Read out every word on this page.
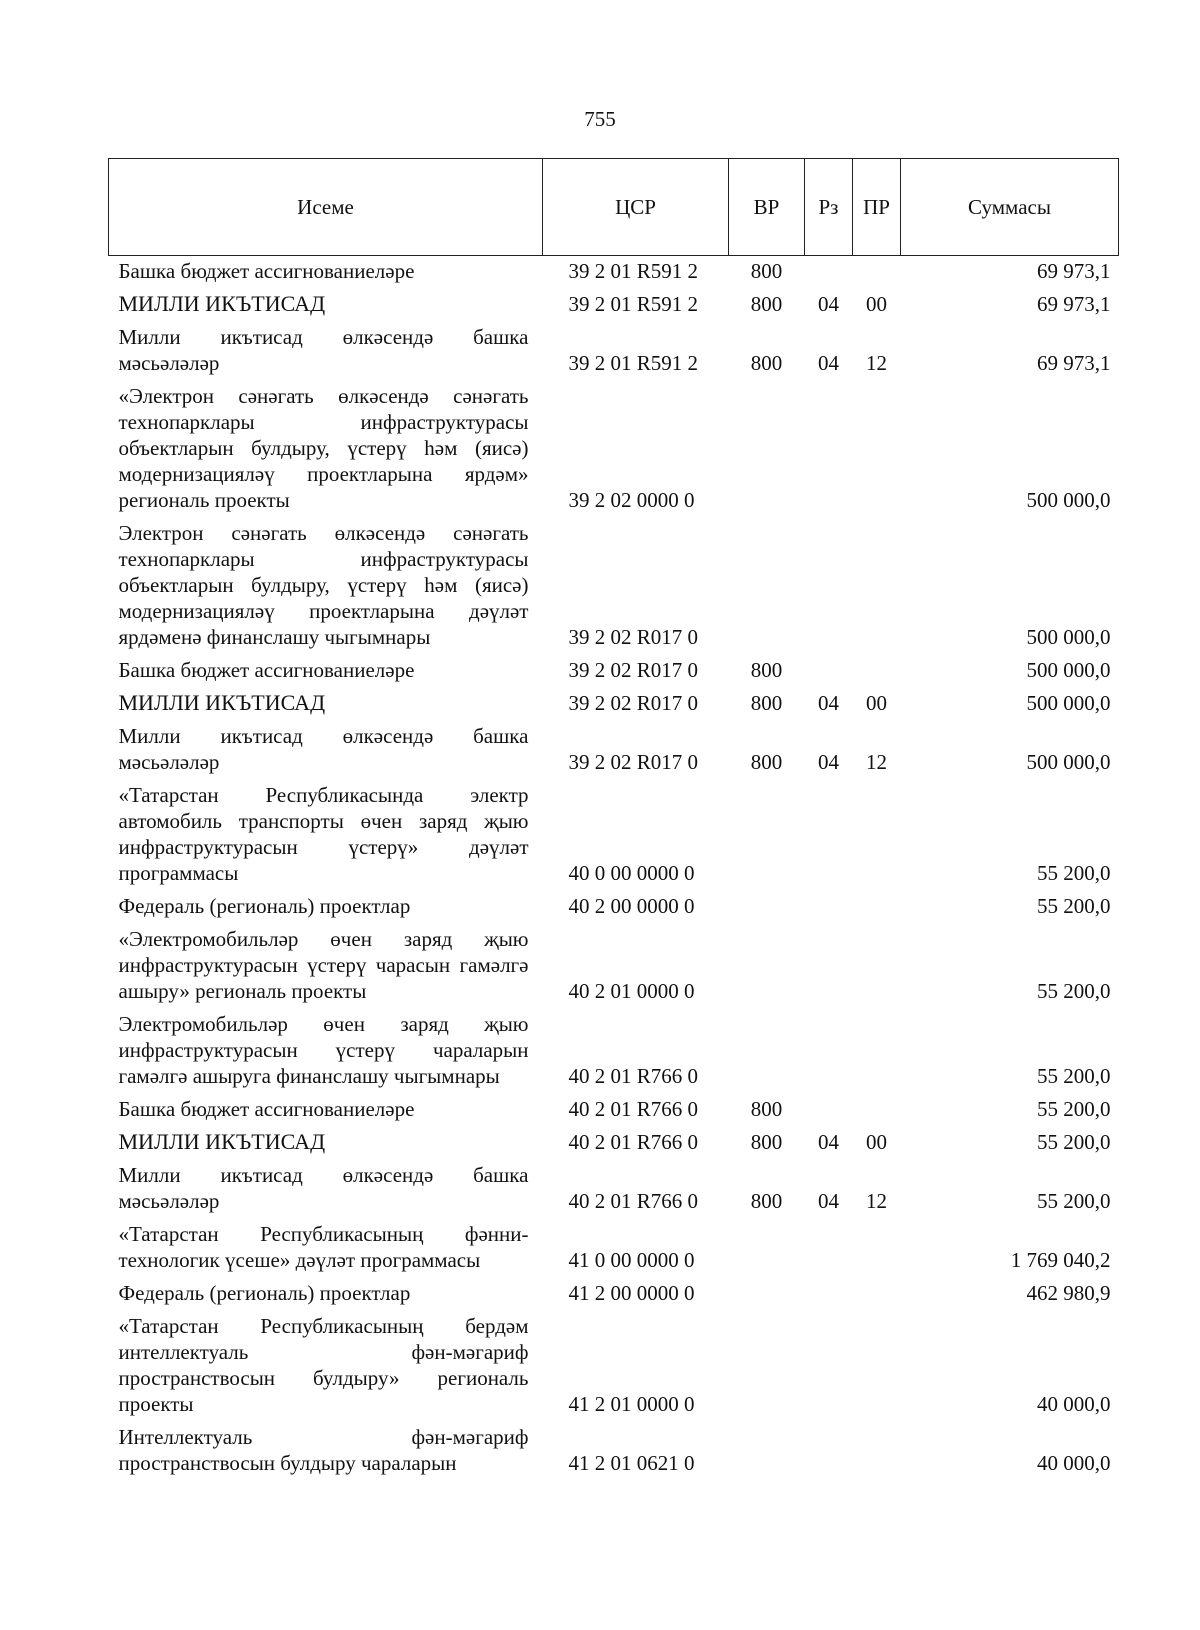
755
Исеме	ЦСР	ВР	Рз	ПР	Суммасы
Башка бюджет ассигнованиеләре	39 2 01 R591 2	800			69 973,1
МИЛЛИ ИКЪТИСАД	39 2 01 R591 2	800	04	00	69 973,1
Милли икътисад өлкәсендә башка мәсьәләләр	39 2 01 R591 2	800	04	12	69 973,1
«Электрон сәнәгать өлкәсендә сәнәгать технопарклары инфраструктурасы объектларын булдыру, үстерү һәм (яисә) модернизацияләү проектларына ярдәм» региональ проекты	39 2 02 0000 0				500 000,0
Электрон сәнәгать өлкәсендә сәнәгать технопарклары инфраструктурасы объектларын булдыру, үстерү һәм (яисә) модернизацияләү проектларына дәүләт ярдәменә финанслашу чыгымнары	39 2 02 R017 0				500 000,0
Башка бюджет ассигнованиеләре	39 2 02 R017 0	800			500 000,0
МИЛЛИ ИКЪТИСАД	39 2 02 R017 0	800	04	00	500 000,0
Милли икътисад өлкәсендә башка мәсьәләләр	39 2 02 R017 0	800	04	12	500 000,0
«Татарстан Республикасында электр автомобиль транспорты өчен заряд җыю инфраструктурасын үстерү» дәүләт программасы	40 0 00 0000 0				55 200,0
Федераль (региональ) проектлар	40 2 00 0000 0				55 200,0
«Электромобильләр өчен заряд җыю инфраструктурасын үстерү чарасын гамәлгә ашыру» региональ проекты	40 2 01 0000 0				55 200,0
Электромобильләр өчен заряд җыю инфраструктурасын үстерү чараларын гамәлгә ашыруга финанслашу чыгымнары	40 2 01 R766 0				55 200,0
Башка бюджет ассигнованиеләре	40 2 01 R766 0	800			55 200,0
МИЛЛИ ИКЪТИСАД	40 2 01 R766 0	800	04	00	55 200,0
Милли икътисад өлкәсендә башка мәсьәләләр	40 2 01 R766 0	800	04	12	55 200,0
«Татарстан Республикасының фәнни-технологик үсеше» дәүләт программасы	41 0 00 0000 0				1 769 040,2
Федераль (региональ) проектлар	41 2 00 0000 0				462 980,9
«Татарстан Республикасының бердәм интеллектуаль фән-мәгариф пространствосын булдыру» региональ проекты	41 2 01 0000 0				40 000,0
Интеллектуаль фән-мәгариф пространствосын булдыру чараларын	41 2 01 0621 0				40 000,0
